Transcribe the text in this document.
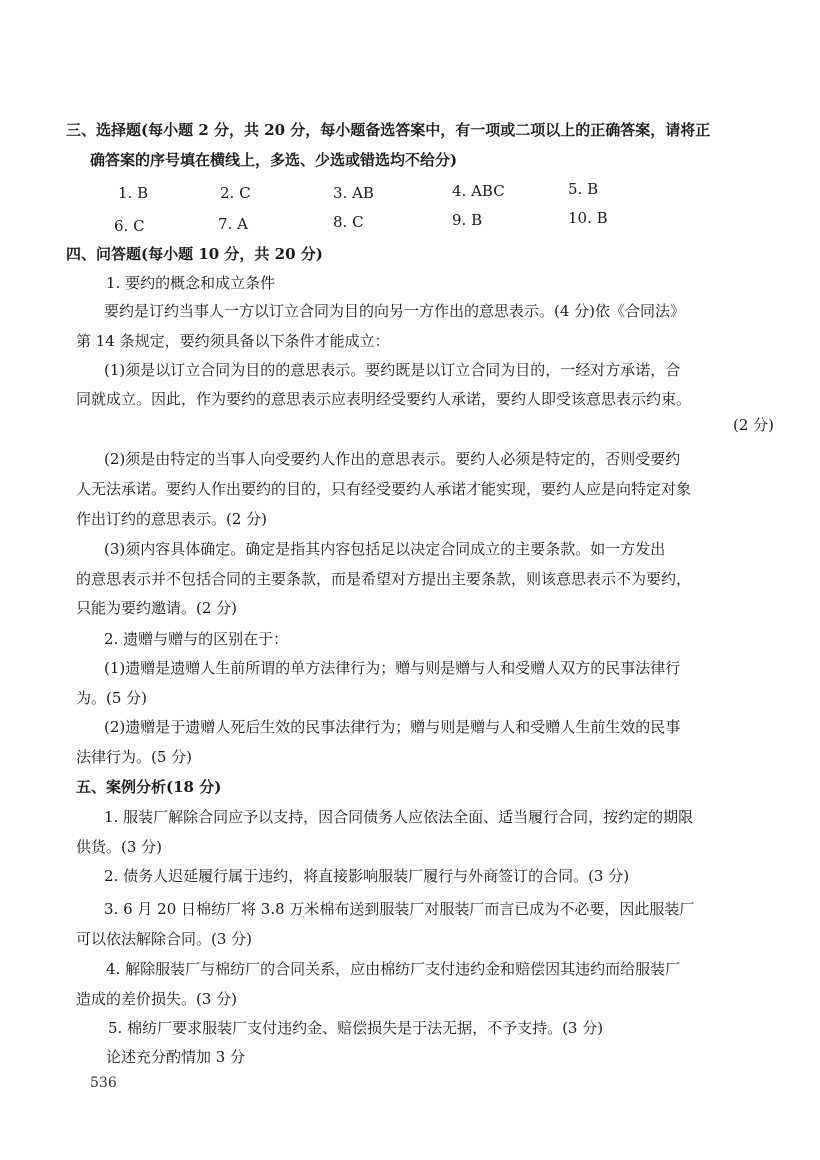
三、选择题(每小题 2 分，共 20 分，每小题备选答案中，有一项或二项以上的正确答案，请将正
确答案的序号填在横线上，多选、少选或错选均不给分)
1. B	2. C	3. AB	4. ABC	5. B
6. C	7. A	8. C	9. B	10. B
四、问答题(每小题 10 分，共 20 分)
1. 要约的概念和成立条件
要约是订约当事人一方以订立合同为目的向另一方作出的意思表示。(4 分)依《合同法》
第 14 条规定，要约须具备以下条件才能成立：
(1)须是以订立合同为目的的意思表示。要约既是以订立合同为目的，一经对方承诺，合
同就成立。因此，作为要约的意思表示应表明经受要约人承诺，要约人即受该意思表示约束。
(2 分)
(2)须是由特定的当事人向受要约人作出的意思表示。要约人必须是特定的，否则受要约
人无法承诺。要约人作出要约的目的，只有经受要约人承诺才能实现，要约人应是向特定对象
作出订约的意思表示。(2 分)
(3)须内容具体确定。确定是指其内容包括足以决定合同成立的主要条款。如一方发出
的意思表示并不包括合同的主要条款，而是希望对方提出主要条款，则该意思表示不为要约，
只能为要约邀请。(2 分)
2. 遗赠与赠与的区别在于：
(1)遗赠是遗赠人生前所谓的单方法律行为；赠与则是赠与人和受赠人双方的民事法律行
为。(5 分)
(2)遗赠是于遗赠人死后生效的民事法律行为；赠与则是赠与人和受赠人生前生效的民事
法律行为。(5 分)
五、案例分析(18 分)
1. 服装厂解除合同应予以支持，因合同债务人应依法全面、适当履行合同，按约定的期限
供货。(3 分)
2. 债务人迟延履行属于违约，将直接影响服装厂履行与外商签订的合同。(3 分)
3. 6 月 20 日棉纺厂将 3.8 万米棉布送到服装厂对服装厂而言已成为不必要，因此服装厂
可以依法解除合同。(3 分)
4. 解除服装厂与棉纺厂的合同关系，应由棉纺厂支付违约金和赔偿因其违约而给服装厂
造成的差价损失。(3 分)
5. 棉纺厂要求服装厂支付违约金、赔偿损失是于法无据，不予支持。(3 分)
论述充分酌情加 3 分
536
